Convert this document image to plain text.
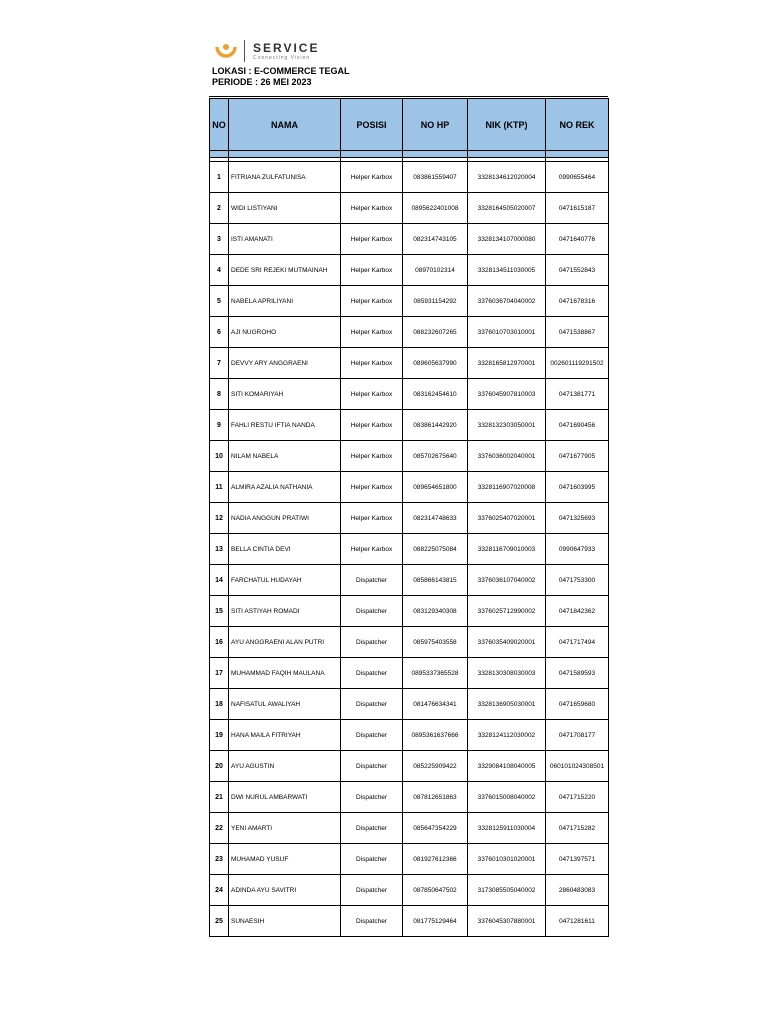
SERVICE
Connecting Vision
LOKASI : E-COMMERCE TEGAL
PERIODE : 26 MEI 2023
NO	NAMA	POSISI	NO HP	NIK (KTP)	NO REK

1	FITRIANA ZULFATUNISA	Helper Karbox	083861559407	3328134612020004	0990655464
2	WIDI LISTIYANI	Helper Karbox	0895622401008	3328164505020007	0471615187
3	ISTI AMANATI	Helper Karbox	082314743105	3328134107000080	0471640776
4	DEDE SRI REJEKI MUTMAINAH	Helper Karbox	08970102314	3328134511030005	0471552843
5	NABELA APRILIYANI	Helper Karbox	085931154292	3376036704040002	0471678316
6	AJI NUGROHO	Helper Karbox	088232607265	3376010703010001	0471538867
7	DEVVY ARY ANGGRAENI	Helper Karbox	089605637990	3328165812970001	002601119291502
8	SITI KOMARIYAH	Helper Karbox	083162454610	3376045907810003	0471381771
9	FAHLI RESTU IFTIA NANDA	Helper Karbox	083861442920	3328132303050001	0471690456
10	NILAM NABELA	Helper Karbox	085702675640	3376036002040001	0471677905
11	ALMIRA AZALIA NATHANIA	Helper Karbox	089654651800	3328116907020008	0471603995
12	NADIA ANGGUN PRATIWI	Helper Karbox	082314748633	3376025407020001	0471325693
13	BELLA CINTIA DEVI	Helper Karbox	088225075084	3328116709010003	0990647933
14	FARCHATUL HUDAYAH	Dispatcher	085866143815	3376036107040002	0471753300
15	SITI ASTIYAH ROMADI	Dispatcher	083129340308	3376025712990002	0471842362
16	AYU ANGGRAENI ALAN PUTRI	Dispatcher	085975403558	3376035409020001	0471717494
17	MUHAMMAD FAQIH MAULANA	Dispatcher	0895337365528	3328130308030003	0471589593
18	NAFISATUL AWALIYAH	Dispatcher	081476634341	3328136905030001	0471659680
19	HANA MAILA FITRIYAH	Dispatcher	0895361637666	3328124112030002	0471708177
20	AYU AGUSTIN	Dispatcher	085225909422	3329084108040005	060101024308501
21	DWI NURUL AMBARWATI	Dispatcher	087812651863	3376015008040002	0471715220
22	YENI AMARTI	Dispatcher	085647354229	3328125911030004	0471715282
23	MUHAMAD YUSUF	Dispatcher	081927612366	3376010301020001	0471397571
24	ADINDA AYU SAVITRI	Dispatcher	087850647502	3173085505040002	2860483083
25	SUNAESIH	Dispatcher	081775129464	3376045307880001	0471281611
